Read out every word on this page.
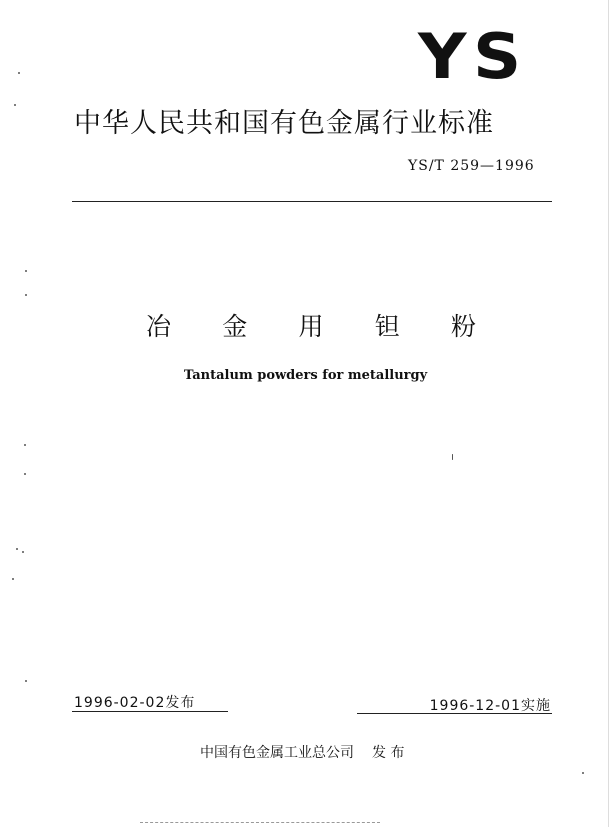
YS
中华人民共和国有色金属行业标准
YS/T 259—1996
冶 金 用 钽 粉
Tantalum powders for metallurgy
1996-02-02发布	1996-12-01实施
中国有色金属工业总公司 发 布
